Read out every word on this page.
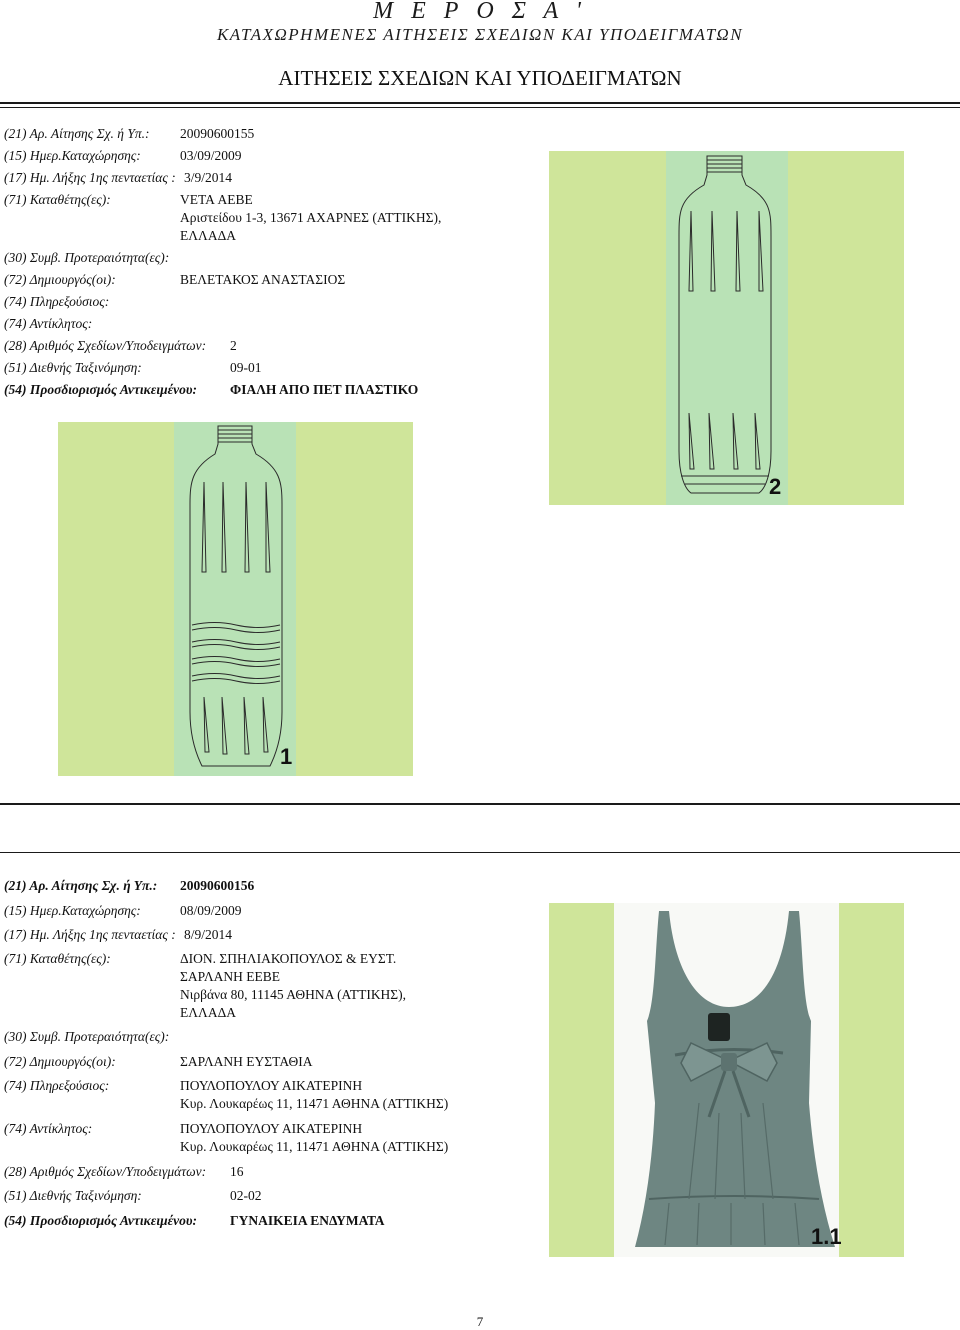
Μ Ε Ρ Ο Σ Α '
ΚΑΤΑΧΩΡΗΜΕΝΕΣ ΑΙΤΗΣΕΙΣ ΣΧΕΔΙΩΝ ΚΑΙ ΥΠΟΔΕΙΓΜΑΤΩΝ
ΑΙΤΗΣΕΙΣ ΣΧΕΔΙΩΝ ΚΑΙ ΥΠΟΔΕΙΓΜΑΤΩΝ
(21) Αρ. Αίτησης Σχ. ή Υπ.: 20090600155
(15) Ημερ.Καταχώρησης:	03/09/2009
(17) Ημ. Λήξης 1ης πενταετίας : 3/9/2014
(71) Καταθέτης(ες):	VETA ΑΕΒΕ
Αριστείδου 1-3, 13671 ΑΧΑΡΝΕΣ (ΑΤΤΙΚΗΣ),
ΕΛΛΑΔΑ
(30) Συμβ. Προτεραιότητα(ες):
(72) Δημιουργός(οι):	ΒΕΛΕΤΑΚΟΣ ΑΝΑΣΤΑΣΙΟΣ
(74) Πληρεξούσιος:
(74) Αντίκλητος:
(28) Αριθμός Σχεδίων/Υποδειγμάτων: 2
(51) Διεθνής Ταξινόμηση:	09-01
(54) Προσδιορισμός Αντικειμένου: ΦΙΑΛΗ ΑΠΟ ΠΕΤ ΠΛΑΣΤΙΚΟ
2
1
(21) Αρ. Αίτησης Σχ. ή Υπ.: 20090600156
(15) Ημερ.Καταχώρησης:	08/09/2009
(17) Ημ. Λήξης 1ης πενταετίας : 8/9/2014
(71) Καταθέτης(ες):	ΔΙΟΝ. ΣΠΗΛΙΑΚΟΠΟΥΛΟΣ & ΕΥΣΤ.
ΣΑΡΛΑΝΗ ΕΕΒΕ
Νιρβάνα 80, 11145 ΑΘΗΝΑ (ΑΤΤΙΚΗΣ),
ΕΛΛΑΔΑ
(30) Συμβ. Προτεραιότητα(ες):
(72) Δημιουργός(οι):	ΣΑΡΛΑΝΗ ΕΥΣΤΑΘΙΑ
(74) Πληρεξούσιος:	ΠΟΥΛΟΠΟΥΛΟΥ ΑΙΚΑΤΕΡΙΝΗ
Κυρ. Λουκαρέως 11, 11471 ΑΘΗΝΑ (ΑΤΤΙΚΗΣ)
(74) Αντίκλητος:	ΠΟΥΛΟΠΟΥΛΟΥ ΑΙΚΑΤΕΡΙΝΗ
Κυρ. Λουκαρέως 11, 11471 ΑΘΗΝΑ (ΑΤΤΙΚΗΣ)
(28) Αριθμός Σχεδίων/Υποδειγμάτων: 16
(51) Διεθνής Ταξινόμηση:	02-02
(54) Προσδιορισμός Αντικειμένου: ΓΥΝΑΙΚΕΙΑ ΕΝΔΥΜΑΤΑ
1.1
7
